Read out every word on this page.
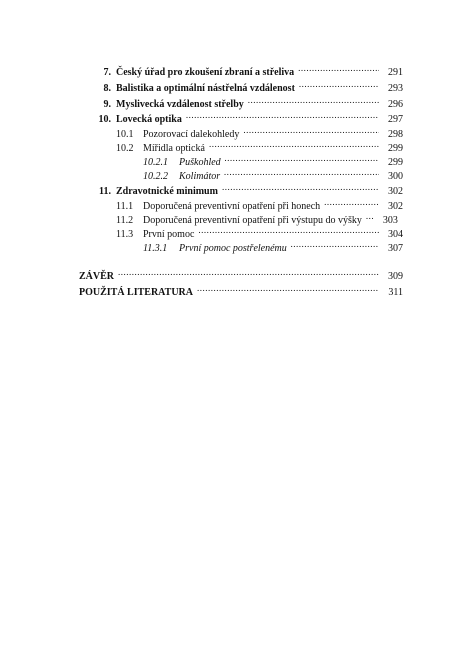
7. Český úřad pro zkoušení zbraní a střeliva .....	291
8. Balistika a optimální nástřelná vzdálenost .....	293
9. Myslivecká vzdálenost střelby .....	296
10. Lovecká optika .....	297
10.1 Pozorovací dalekohledy .....	298
10.2 Mířidla optická .....	299
10.2.1	Puškohled .....	299
10.2.2	Kolimátor .....	300
11. Zdravotnické minimum .....	302
11.1 Doporučená preventivní opatření při honech .....	302
11.2 Doporučená preventivní opatření při výstupu do výšky .....	303
11.3 První pomoc .....	304
11.3.1	První pomoc postřelenému .....	307
ZÁVĚR .....	309
POUŽITÁ LITERATURA .....	311
